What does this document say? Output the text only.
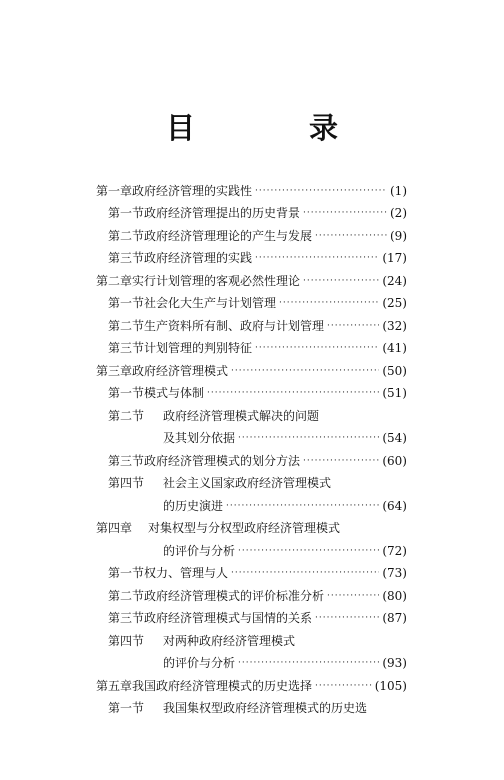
目 录
第一章 政府经济管理的实践性 ·····	(1)
第一节 政府经济管理提出的历史背景 ·····	(2)
第二节 政府经济管理理论的产生与发展 ·····	(9)
第三节 政府经济管理的实践 ·····	(17)
第二章 实行计划管理的客观必然性理论 ·····	(24)
第一节 社会化大生产与计划管理 ·····	(25)
第二节 生产资料所有制、政府与计划管理 ·····	(32)
第三节 计划管理的判别特征 ·····	(41)
第三章 政府经济管理模式 ·····	(50)
第一节 模式与体制 ·····	(51)
第二节	政府经济管理模式解决的问题
及其划分依据 ·····	(54)
第三节 政府经济管理模式的划分方法 ·····	(60)
第四节	社会主义国家政府经济管理模式
的历史演进 ·····	(64)
第四章	对集权型与分权型政府经济管理模式
的评价与分析 ·····	(72)
第一节 权力、管理与人 ·····	(73)
第二节 政府经济管理模式的评价标准分析 ·····	(80)
第三节 政府经济管理模式与国情的关系 ·····	(87)
第四节	对两种政府经济管理模式
的评价与分析 ·····	(93)
第五章 我国政府经济管理模式的历史选择 ·····	(105)
第一节	我国集权型政府经济管理模式的历史选
